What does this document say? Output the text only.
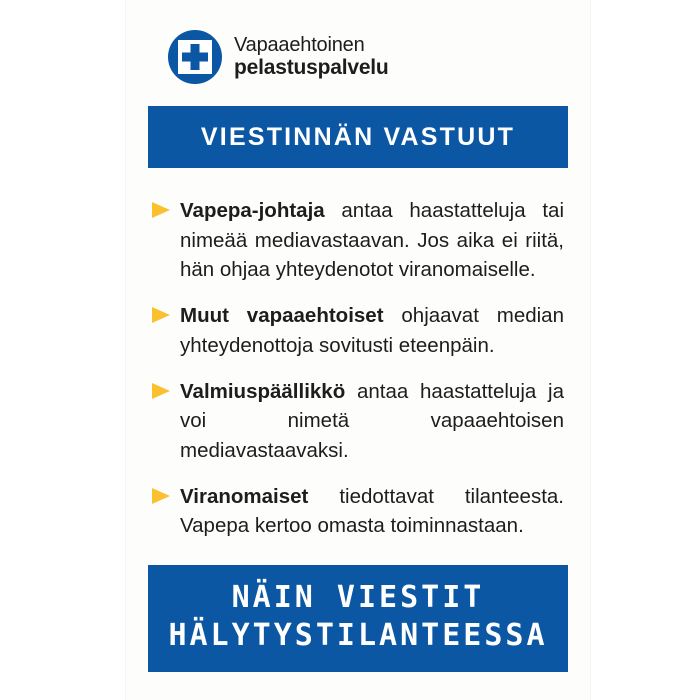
Vapaaehtoinen
pelastuspalvelu
VIESTINNÄN VASTUUT
Vapepa-johtaja antaa haastatteluja tai nimeää mediavastaavan. Jos aika ei riitä, hän ohjaa yhteydenotot viranomaiselle.
Muut vapaaehtoiset ohjaavat median yhteydenottoja sovitusti eteenpäin.
Valmiuspäällikkö antaa haastatteluja ja voi nimetä vapaaehtoisen mediavastaavaksi.
Viranomaiset tiedottavat tilanteesta. Vapepa kertoo omasta toiminnastaan.
NÄIN VIESTIT
HÄLYTYSTILANTEESSA
